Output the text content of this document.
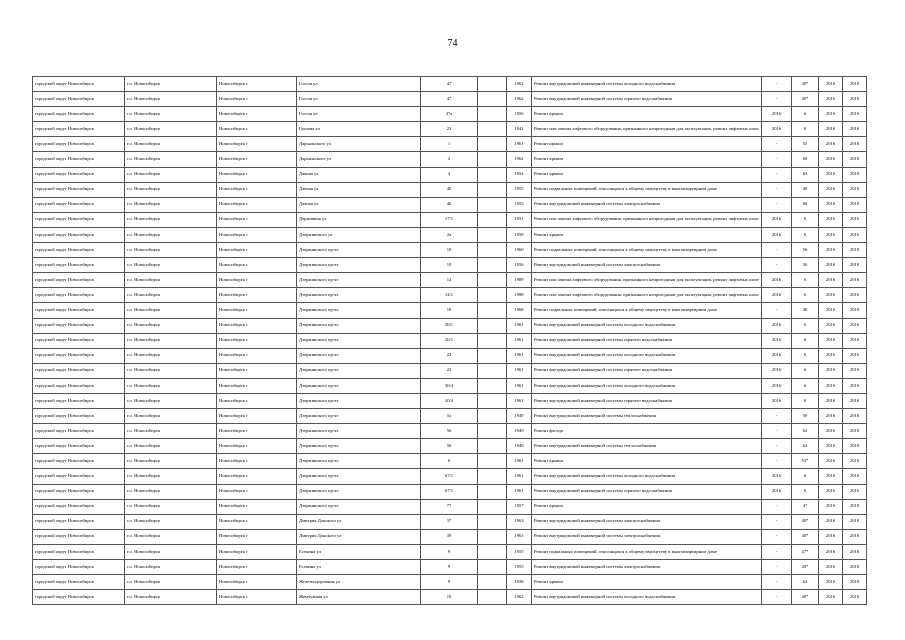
74
городской округ Новосибирск	г.о. Новосибирск	Новосибирск г	Гоголя ул	47		1962	Ремонт внутридомовой инженерной системы холодного водоснабжения	-	40*	2016	2018
городской округ Новосибирск	г.о. Новосибирск	Новосибирск г	Гоголя ул	47		1962	Ремонт внутридомовой инженерной системы горячего водоснабжения	-	40*	2016	2018
городской округ Новосибирск	г.о. Новосибирск	Новосибирск г	Гоголя ул	47а		1956	Ремонт крыши	2016	6	2016	2016
городской округ Новосибирск	г.о. Новосибирск	Новосибирск г	Грозова ул	23		1941	Ремонт или замена лифтового оборудования, признанного непригодным для эксплуатации, ремонт лифтовых шахт	2016	6	2016	2016
городской округ Новосибирск	г.о. Новосибирск	Новосибирск г	Дарьяльского ул	1		1961	Ремонт крыши	-	55	2016	2018
городской округ Новосибирск	г.о. Новосибирск	Новосибирск г	Дарьяльского ул	2		1962	Ремонт крыши	-	60	2016	2018
городской округ Новосибирск	г.о. Новосибирск	Новосибирск г	Дачная ул	4		1954	Ремонт крыши	-	65	2016	2018
городской округ Новосибирск	г.о. Новосибирск	Новосибирск г	Дачная ул	40		1955	Ремонт подвальных помещений, относящихся к общему имуществу в многоквартирном доме	-	48	2016	2018
городской округ Новосибирск	г.о. Новосибирск	Новосибирск г	Дачная ул	46		1955	Ремонт внутридомовой инженерной системы электроснабжения	-	60	2016	2018
городской округ Новосибирск	г.о. Новосибирск	Новосибирск г	Державина ул	17/1		1931	Ремонт или замена лифтового оборудования, признанного непригодным для эксплуатации, ремонт лифтовых шахт	2016	6	2016	2016
городской округ Новосибирск	г.о. Новосибирск	Новосибирск г	Дзержинского ул	2а		1958	Ремонт крыши	2016	6	2016	2016
городской округ Новосибирск	г.о. Новосибирск	Новосибирск г	Дзержинского пр-кт	10		1960	Ремонт подвальных помещений, относящихся к общему имуществу в многоквартирном доме	-	56	2016	2018
городской округ Новосибирск	г.о. Новосибирск	Новосибирск г	Дзержинского пр-кт	10		1956	Ремонт внутридомовой инженерной системы электроснабжения	-	56	2016	2018
городской округ Новосибирск	г.о. Новосибирск	Новосибирск г	Дзержинского пр-кт	12		1989	Ремонт или замена лифтового оборудования, признанного непригодным для эксплуатации, ремонт лифтовых шахт	2016	6	2016	2016
городской округ Новосибирск	г.о. Новосибирск	Новосибирск г	Дзержинского пр-кт	14/1		1988	Ремонт или замена лифтового оборудования, признанного непригодным для эксплуатации, ремонт лифтовых шахт	2016	6	2016	2016
городской округ Новосибирск	г.о. Новосибирск	Новосибирск г	Дзержинского пр-кт	18		1968	Ремонт подвальных помещений, относящихся к общему имуществу в многоквартирном доме	-	48	2016	2018
городской округ Новосибирск	г.о. Новосибирск	Новосибирск г	Дзержинского пр-кт	20/1		1961	Ремонт внутридомовой инженерной системы холодного водоснабжения	2016	6	2016	2016
городской округ Новосибирск	г.о. Новосибирск	Новосибирск г	Дзержинского пр-кт	20/1		1961	Ремонт внутридомовой инженерной системы горячего водоснабжения	2016	6	2016	2016
городской округ Новосибирск	г.о. Новосибирск	Новосибирск г	Дзержинского пр-кт	22		1961	Ремонт внутридомовой инженерной системы холодного водоснабжения	2016	6	2016	2016
городской округ Новосибирск	г.о. Новосибирск	Новосибирск г	Дзержинского пр-кт	22		1961	Ремонт внутридомовой инженерной системы горячего водоснабжения	2016	6	2016	2016
городской округ Новосибирск	г.о. Новосибирск	Новосибирск г	Дзержинского пр-кт	30/4		1961	Ремонт внутридомовой инженерной системы холодного водоснабжения	2016	6	2016	2016
городской округ Новосибирск	г.о. Новосибирск	Новосибирск г	Дзержинского пр-кт	30/4		1961	Ремонт внутридомовой инженерной системы горячего водоснабжения	2016	6	2016	2016
городской округ Новосибирск	г.о. Новосибирск	Новосибирск г	Дзержинского пр-кт	5а		1949	Ремонт внутридомовой инженерной системы теплоснабжения	-	59	2016	2018
городской округ Новосибирск	г.о. Новосибирск	Новосибирск г	Дзержинского пр-кт	56		1949	Ремонт фасада	-	62	2016	2018
городской округ Новосибирск	г.о. Новосибирск	Новосибирск г	Дзержинского пр-кт	56		1949	Ремонт внутридомовой инженерной системы теплоснабжения	-	62	2016	2018
городской округ Новосибирск	г.о. Новосибирск	Новосибирск г	Дзержинского пр-кт	6		1961	Ремонт крыши	-	53*	2016	2018
городской округ Новосибирск	г.о. Новосибирск	Новосибирск г	Дзержинского пр-кт	67/1		1961	Ремонт внутридомовой инженерной системы холодного водоснабжения	2016	6	2016	2016
городской округ Новосибирск	г.о. Новосибирск	Новосибирск г	Дзержинского пр-кт	67/1		1961	Ремонт внутридомовой инженерной системы горячего водоснабжения	2016	6	2016	2016
городской округ Новосибирск	г.о. Новосибирск	Новосибирск г	Дзержинского пр-кт	77		1957	Ремонт крыши	-	47	2016	2018
городской округ Новосибирск	г.о. Новосибирск	Новосибирск г	Дмитрия Донского ул	37		1963	Ремонт внутридомовой инженерной системы электроснабжения	-	40*	2016	2018
городской округ Новосибирск	г.о. Новосибирск	Новосибирск г	Дмитрия Донского ул	39		1963	Ремонт внутридомовой инженерной системы электроснабжения	-	40*	2016	2018
городской округ Новосибирск	г.о. Новосибирск	Новосибирск г	Есенина ул	9		1955	Ремонт подвальных помещений, относящихся к общему имуществу в многоквартирном доме	-	47*	2016	2018
городской округ Новосибирск	г.о. Новосибирск	Новосибирск г	Есенина ул	9		1955	Ремонт внутридомовой инженерной системы электроснабжения	-	49*	2016	2018
городской округ Новосибирск	г.о. Новосибирск	Новосибирск г	Железнодорожная ул	9		1938	Ремонт крыши	-	62	2016	2018
городской округ Новосибирск	г.о. Новосибирск	Новосибирск г	Жемчужная ул	18		1962	Ремонт внутридомовой инженерной системы холодного водоснабжения	-	40*	2016	2018
